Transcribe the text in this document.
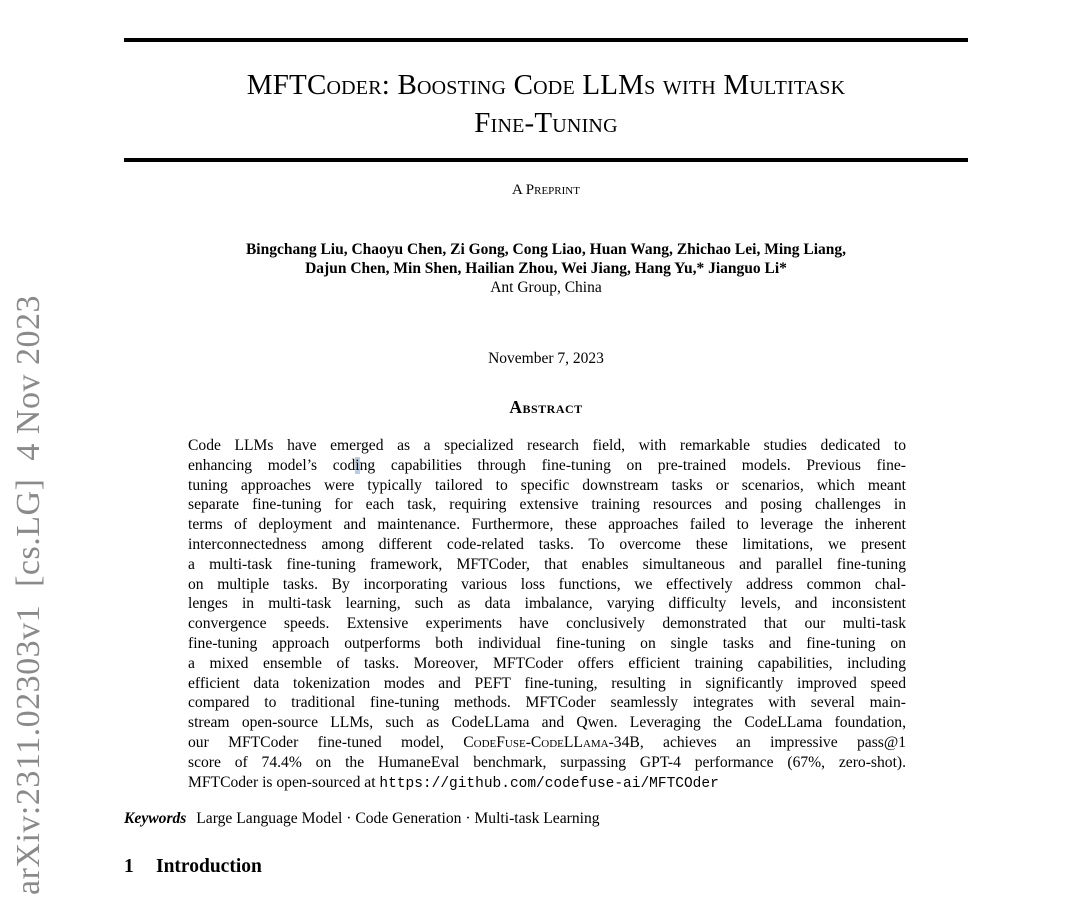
arXiv:2311.02303v1  [cs.LG]  4 Nov 2023
MFTCoder: Boosting Code LLMs with Multitask
Fine-Tuning
A Preprint
Bingchang Liu, Chaoyu Chen, Zi Gong, Cong Liao, Huan Wang, Zhichao Lei, Ming Liang,
Dajun Chen, Min Shen, Hailian Zhou, Wei Jiang, Hang Yu,* Jianguo Li*
Ant Group, China
November 7, 2023
Abstract
Code LLMs have emerged as a specialized research field, with remarkable studies dedicated to
enhancing model’s coding capabilities through fine-tuning on pre-trained models. Previous fine-
tuning approaches were typically tailored to specific downstream tasks or scenarios, which meant
separate fine-tuning for each task, requiring extensive training resources and posing challenges in
terms of deployment and maintenance. Furthermore, these approaches failed to leverage the inherent
interconnectedness among different code-related tasks. To overcome these limitations, we present
a multi-task fine-tuning framework, MFTCoder, that enables simultaneous and parallel fine-tuning
on multiple tasks. By incorporating various loss functions, we effectively address common chal-
lenges in multi-task learning, such as data imbalance, varying difficulty levels, and inconsistent
convergence speeds. Extensive experiments have conclusively demonstrated that our multi-task
fine-tuning approach outperforms both individual fine-tuning on single tasks and fine-tuning on
a mixed ensemble of tasks. Moreover, MFTCoder offers efficient training capabilities, including
efficient data tokenization modes and PEFT fine-tuning, resulting in significantly improved speed
compared to traditional fine-tuning methods. MFTCoder seamlessly integrates with several main-
stream open-source LLMs, such as CodeLLama and Qwen. Leveraging the CodeLLama foundation,
our MFTCoder fine-tuned model, CodeFuse-CodeLLama-34B, achieves an impressive pass@1
score of 74.4% on the HumaneEval benchmark, surpassing GPT-4 performance (67%, zero-shot).
MFTCoder is open-sourced at https://github.com/codefuse-ai/MFTCOder
Keywords Large Language Model · Code Generation · Multi-task Learning
1 Introduction
